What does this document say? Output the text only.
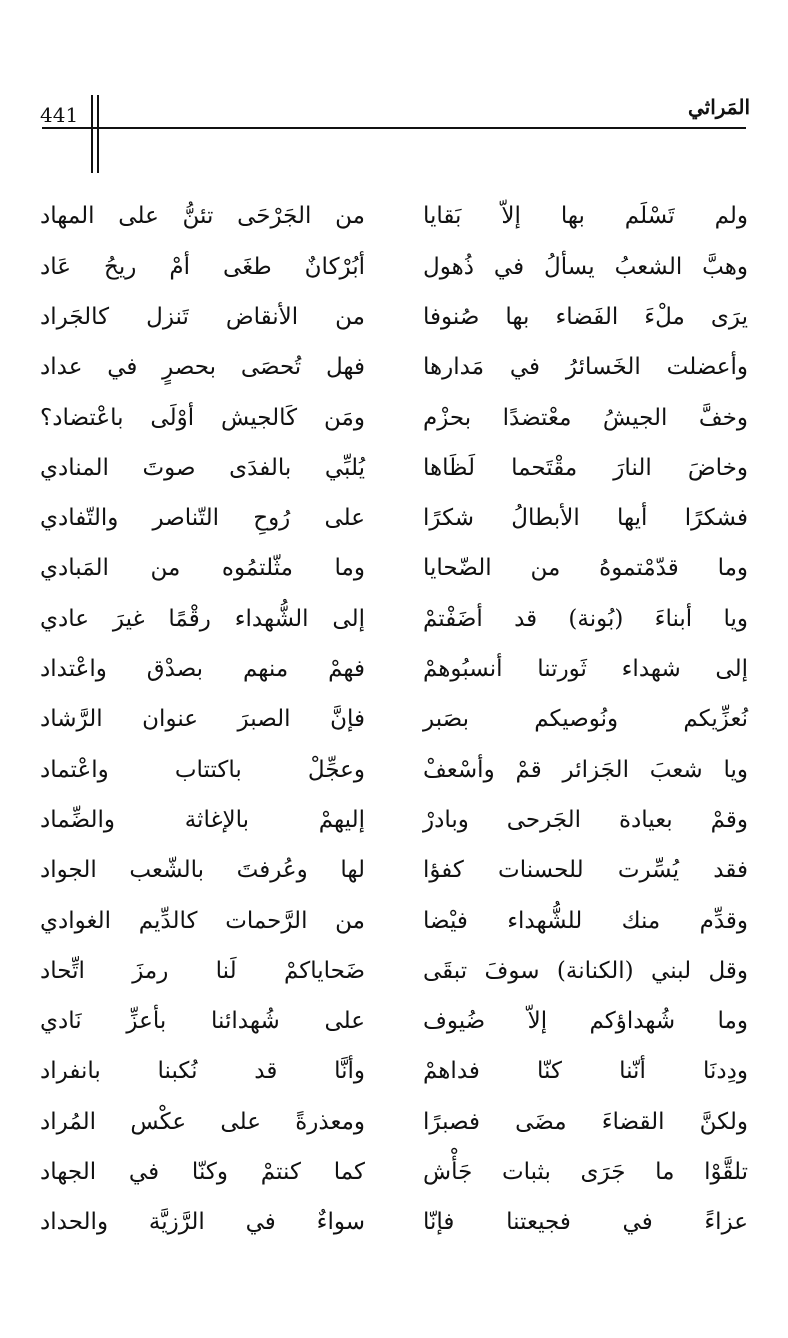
المَراثي
441
ولم تَسْلَم بها إلاّ بَقايا
من الجَرْحَى تئنُّ على المهاد
وهبَّ الشعبُ يسألُ في ذُهول
أبُرْكانٌ طغَى أمْ ريحُ عَاد
يرَى ملْءَ الفَضاء بها صُنوفا
من الأنقاض تَنزل كالجَراد
وأعضلت الخَسائرُ في مَدارها
فهل تُحصَى بحصرٍ في عداد
وخفَّ الجيشُ معْتضدًا بحزْم
ومَن كَالجيش أوْلَى باعْتضاد؟
وخاضَ النارَ مقْتَحما لَظَاها
يُلبِّي بالفدَى صوتَ المنادي
فشكرًا أيها الأبطالُ شكرًا
على رُوحِ التّناصر والتّفادي
وما قدّمْتموهُ من الضّحايا
وما مثّلتمُوه من المَبادي
ويا أبناءَ (بُونة) قد أضَفْتمْ
إلى الشُّهداء رقْمًا غيرَ عادي
إلى شهداء ثَورتنا أنسبُوهمْ
فهمْ منهم بصدْق واعْتداد
نُعزِّيكم ونُوصيكم بصَبر
فإنَّ الصبرَ عنوان الرَّشاد
ويا شعبَ الجَزائر قمْ وأسْعفْ
وعجِّلْ باكتتاب واعْتماد
وقمْ بعيادة الجَرحى وبادرْ
إليهمْ بالإغاثة والضِّماد
فقد يُسِّرت للحسنات كفؤا
لها وعُرفتَ بالشّعب الجواد
وقدِّم منك للشُّهداء فيْضا
من الرَّحمات كالدِّيم الغوادي
وقل لبني (الكنانة) سوفَ تبقَى
ضَحاياكمْ لَنا رمزَ اتِّحاد
وما شُهداؤكم إلاّ ضُيوف
على شُهدائنا بأعزِّ نَادي
ودِدنَا أنّنا كنّا فداهمْ
وأنَّا قد نُكبنا بانفراد
ولكنَّ القضاءَ مضَى فصبرًا
ومعذرةً على عكْس المُراد
تلقَّوْا ما جَرَى بثبات جَأْش
كما كنتمْ وكنّا في الجهاد
عزاءً في فجيعتنا فإنّا
سواءٌ في الرَّزيَّة والحداد
